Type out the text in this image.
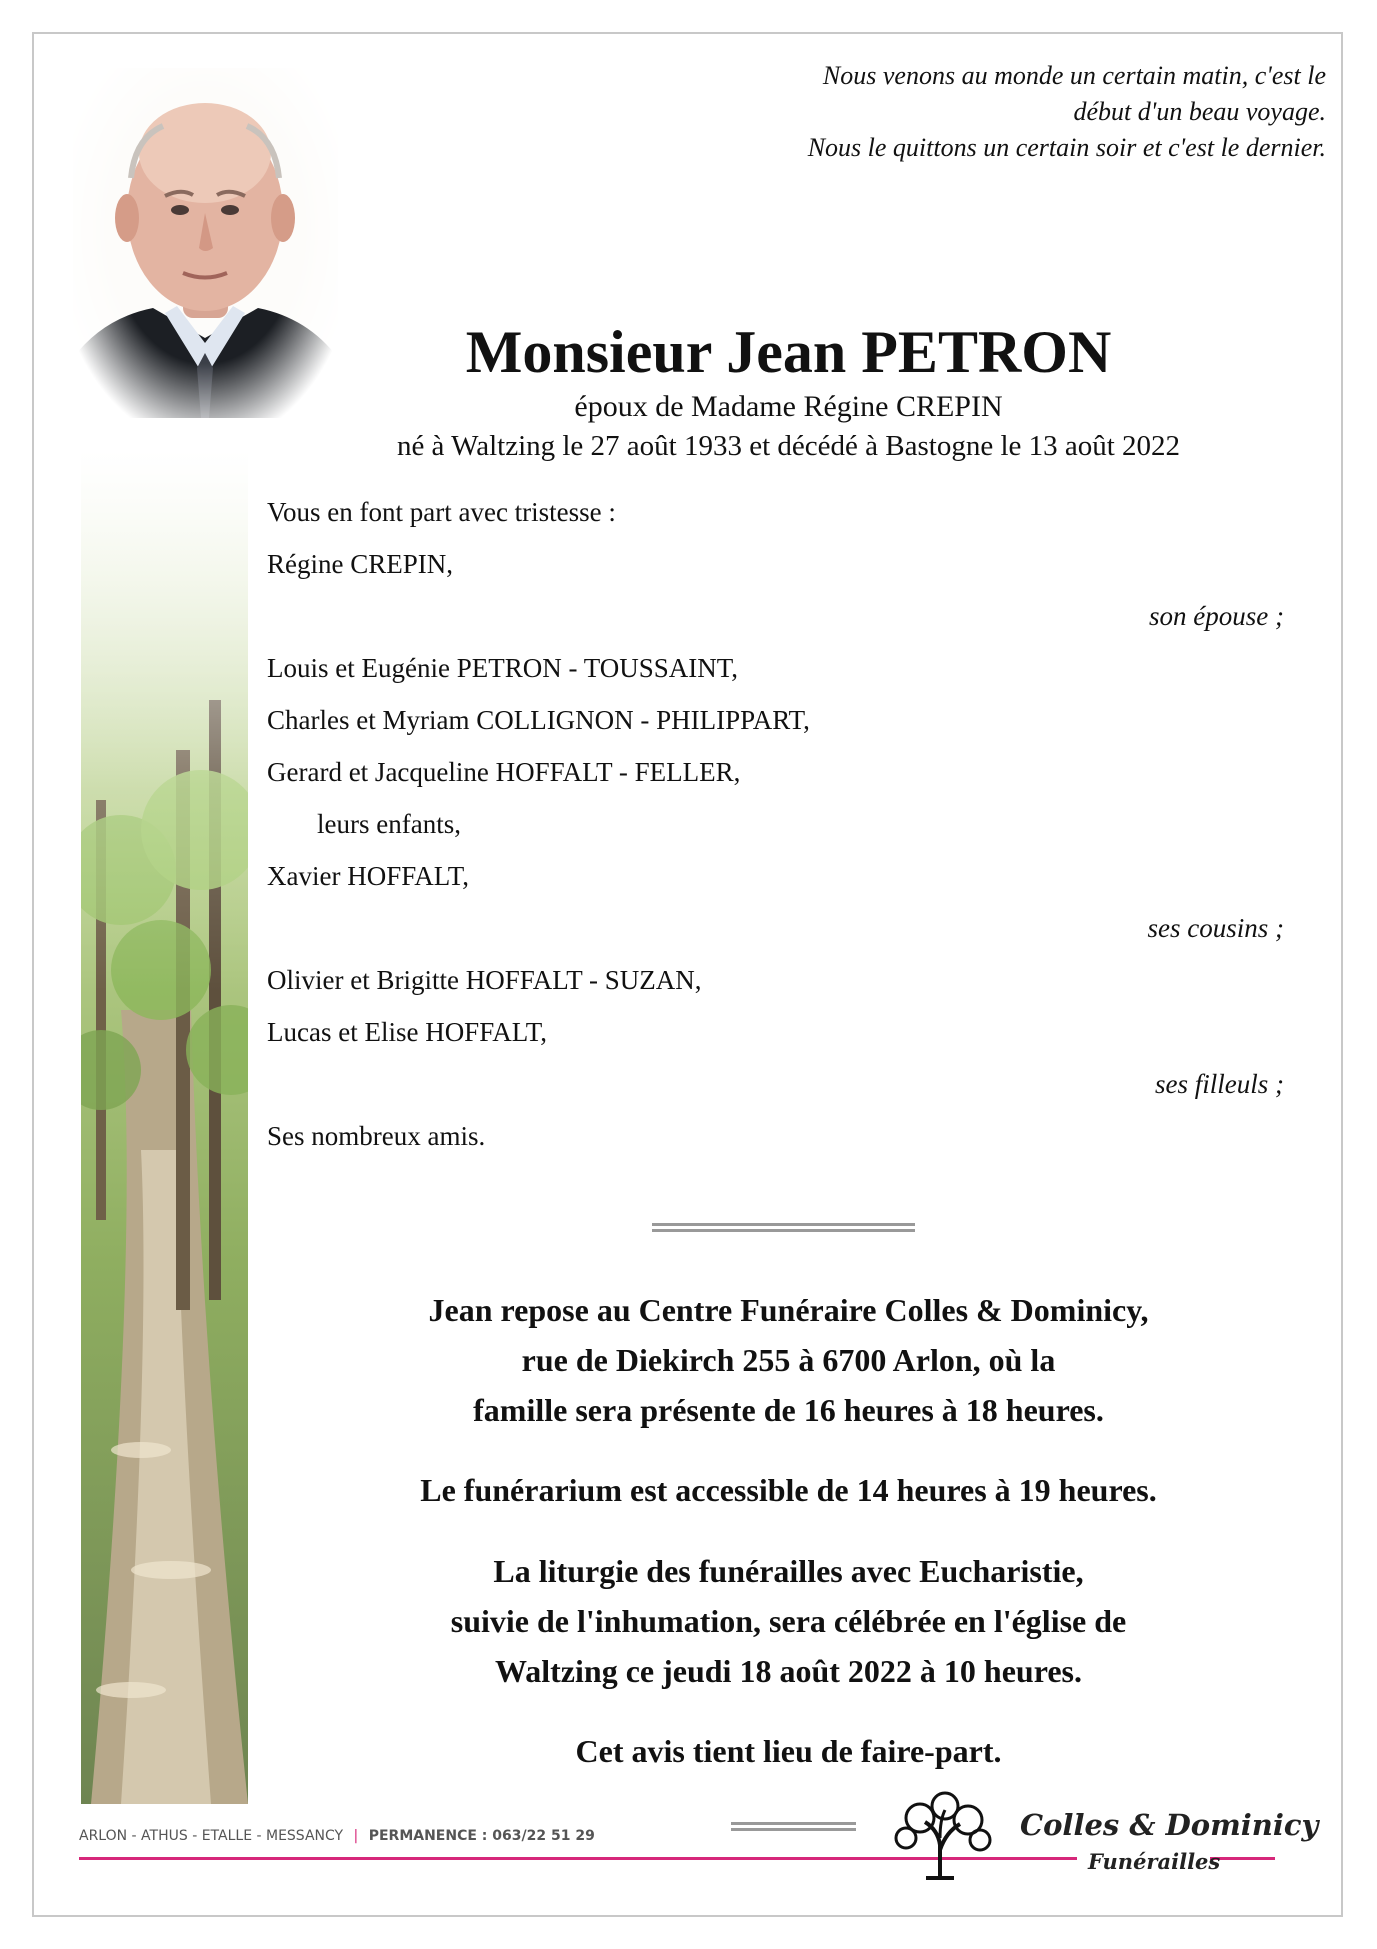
Nous venons au monde un certain matin, c'est le
début d'un beau voyage.
Nous le quittons un certain soir et c'est le dernier.
Monsieur Jean PETRON
époux de Madame Régine CREPIN
né à Waltzing le 27 août 1933 et décédé à Bastogne le 13 août 2022
Vous en font part avec tristesse :
Régine CREPIN,
son épouse ;
Louis et Eugénie PETRON - TOUSSAINT,
Charles et Myriam COLLIGNON - PHILIPPART,
Gerard et Jacqueline HOFFALT - FELLER,
leurs enfants,
Xavier HOFFALT,
ses cousins ;
Olivier et Brigitte HOFFALT - SUZAN,
Lucas et Elise HOFFALT,
ses filleuls ;
Ses nombreux amis.
Jean repose au Centre Funéraire Colles & Dominicy,
rue de Diekirch 255 à 6700 Arlon, où la
famille sera présente de 16 heures à 18 heures.
Le funérarium est accessible de 14 heures à 19 heures.
La liturgie des funérailles avec Eucharistie,
suivie de l'inhumation, sera célébrée en l'église de
Waltzing ce jeudi 18 août 2022 à 10 heures.
Cet avis tient lieu de faire-part.
ARLON - ATHUS - ETALLE - MESSANCY | PERMANENCE : 063/22 51 29	Colles & Dominicy
Funérailles
